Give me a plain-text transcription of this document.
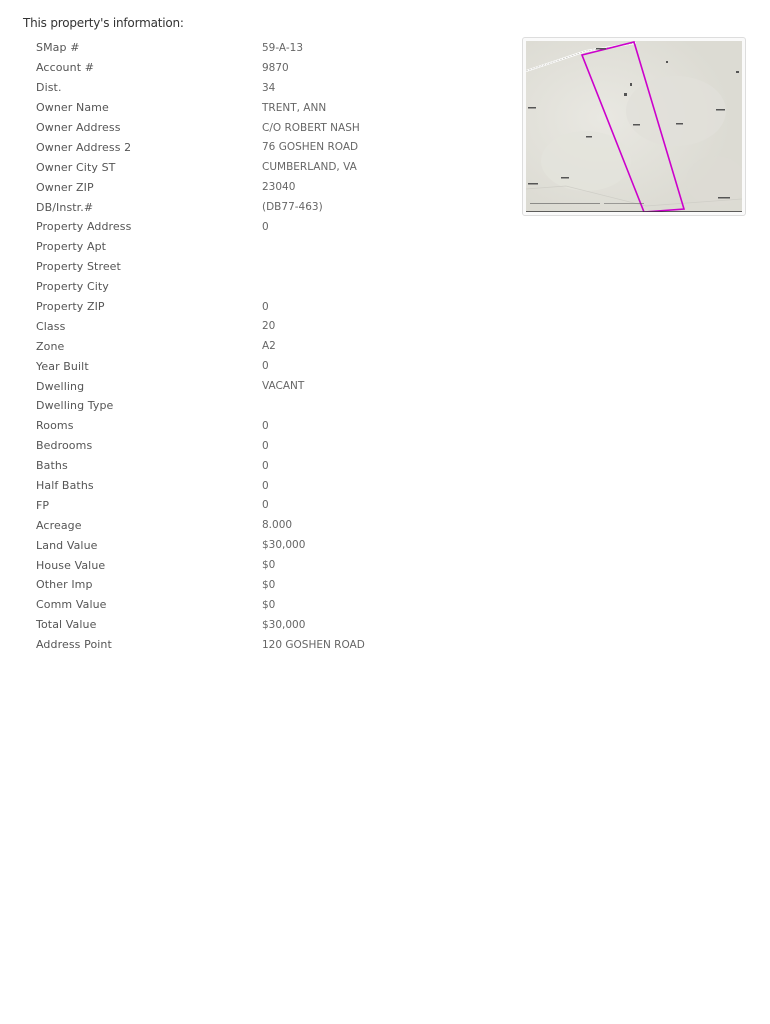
This property's information:
SMap #	59-A-13
Account #	9870
Dist.	34
Owner Name	TRENT, ANN
Owner Address	C/O ROBERT NASH
Owner Address 2	76 GOSHEN ROAD
Owner City ST	CUMBERLAND, VA
Owner ZIP	23040
DB/Instr.#	(DB77-463)
Property Address	0
Property Apt
Property Street
Property City
Property ZIP	0
Class	20
Zone	A2
Year Built	0
Dwelling	VACANT
Dwelling Type
Rooms	0
Bedrooms	0
Baths	0
Half Baths	0
FP	0
Acreage	8.000
Land Value	$30,000
House Value	$0
Other Imp	$0
Comm Value	$0
Total Value	$30,000
Address Point	120 GOSHEN ROAD
